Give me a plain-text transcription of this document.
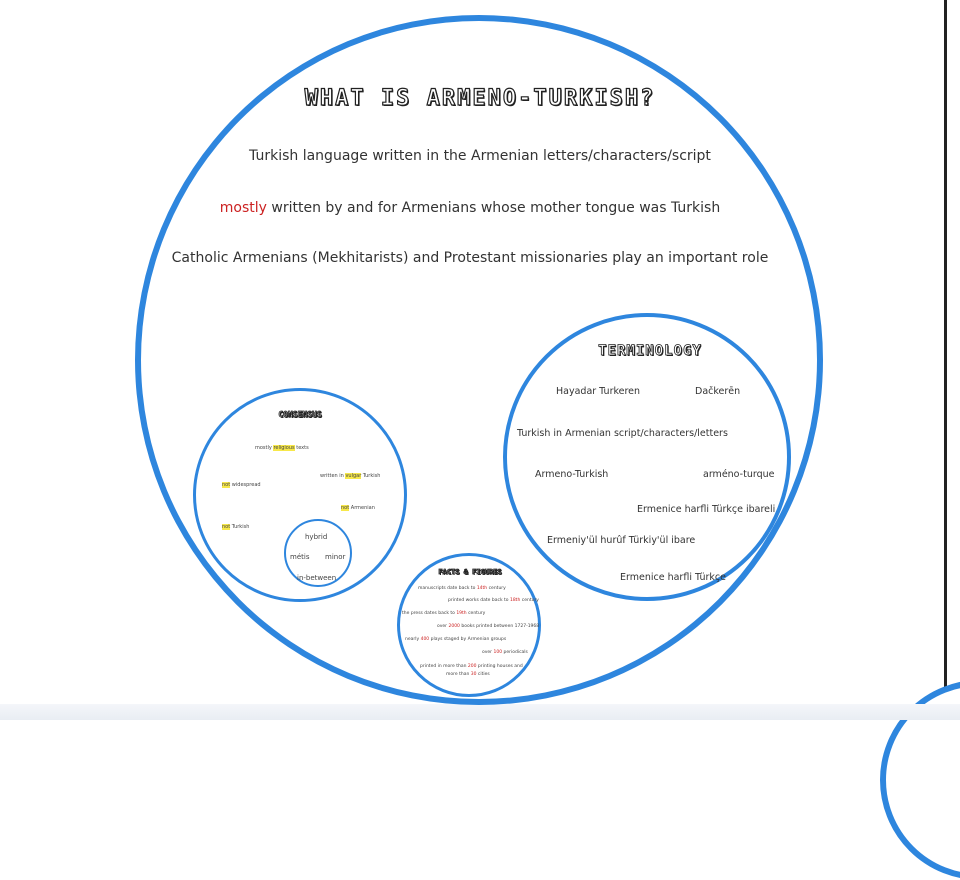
WHAT IS ARMENO-TURKISH?
Turkish language written in the Armenian letters/characters/script
mostly written by and for Armenians whose mother tongue was Turkish
Catholic Armenians (Mekhitarists) and Protestant missionaries play an important role
TERMINOLOGY
Hayadar Turkeren	Dačkerēn
Turkish in Armenian script/characters/letters
Armeno-Turkish	arméno-turque
Ermenice harfli Türkçe ibareli
Ermeniy'ül hurûf Türkiy'ül ibare
Ermenice harfli Türkçe
CONSENSUS
mostly religious texts
written in vulgar Turkish
not widespread
not Armenian
not Turkish
hybrid
métis minor
in-between
FACTS & FIGURES
manuscripts date back to 14th century
printed works date back to 18th century
the press dates back to 19th century
over 2000 books printed between 1727-1968
nearly 400 plays staged by Armenian groups
over 100 periodicals
printed in more than 200 printing houses and
more than 30 cities
